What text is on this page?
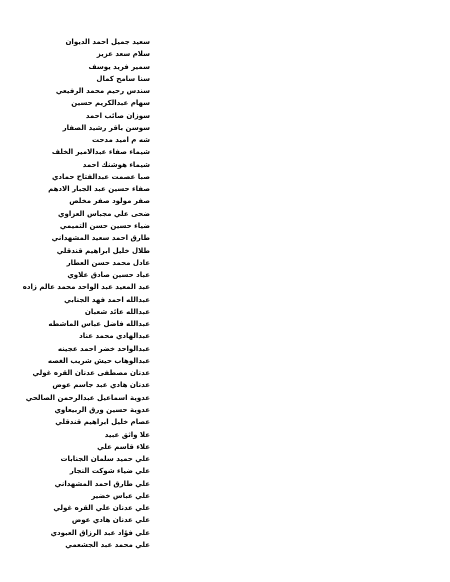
سعيد جميل احمد الديوان
سلام سعد عزيز
سمير فريد يوسف
سنا سامح كمال
سندس رحيم محمد الرفيعي
سهام عبدالكريم حسين
سوزان صائب احمد
سوسن باقر رشيد الصفار
شه م اميد مدحت
شيماء صفاء عبدالامير الخلف
شيماء هوشنك احمد
صبا عصمت عبدالفتاح حمادي
صفاء حسين عبد الجبار الادهم
صفر مولود صفر مخلص
ضحى علي مجباس العزاوي
ضياء حسين حسن التميمي
طارق احمد سعيد المشهداني
طلال خليل ابراهيم قندقلي
عادل محمد حسن العطار
عباد حسين صادق علاوي
عبد المعيد عبد الواحد محمد عالم زاده
عبدالله احمد فهد الجنابي
عبدالله عائد شعبان
عبدالله فاضل عباس الماشطه
عبدالهادي محمد عناد
عبدالواحد خضر احمد عجينه
عبدالوهاب حيش شريب الغصه
عدنان مصطفى عدنان القره غولي
عدنان هادي عبد جاسم عوض
عدوية اسماعيل عبدالرحمن الصالحي
عدوية حسين ورق الربيعاوي
عصام خليل ابراهيم قندقلي
علا واثق عبيد
علاء قاسم علي
علي حميد سلمان الجنابات
علي ضياء شوكت النجار
علي طارق احمد المشهداني
علي عباس خضير
علي عدنان علي القره غولي
علي عدنان هادي عوض
علي فؤاد عبد الرزاق العبودي
علي محمد عبد الجشعمي
